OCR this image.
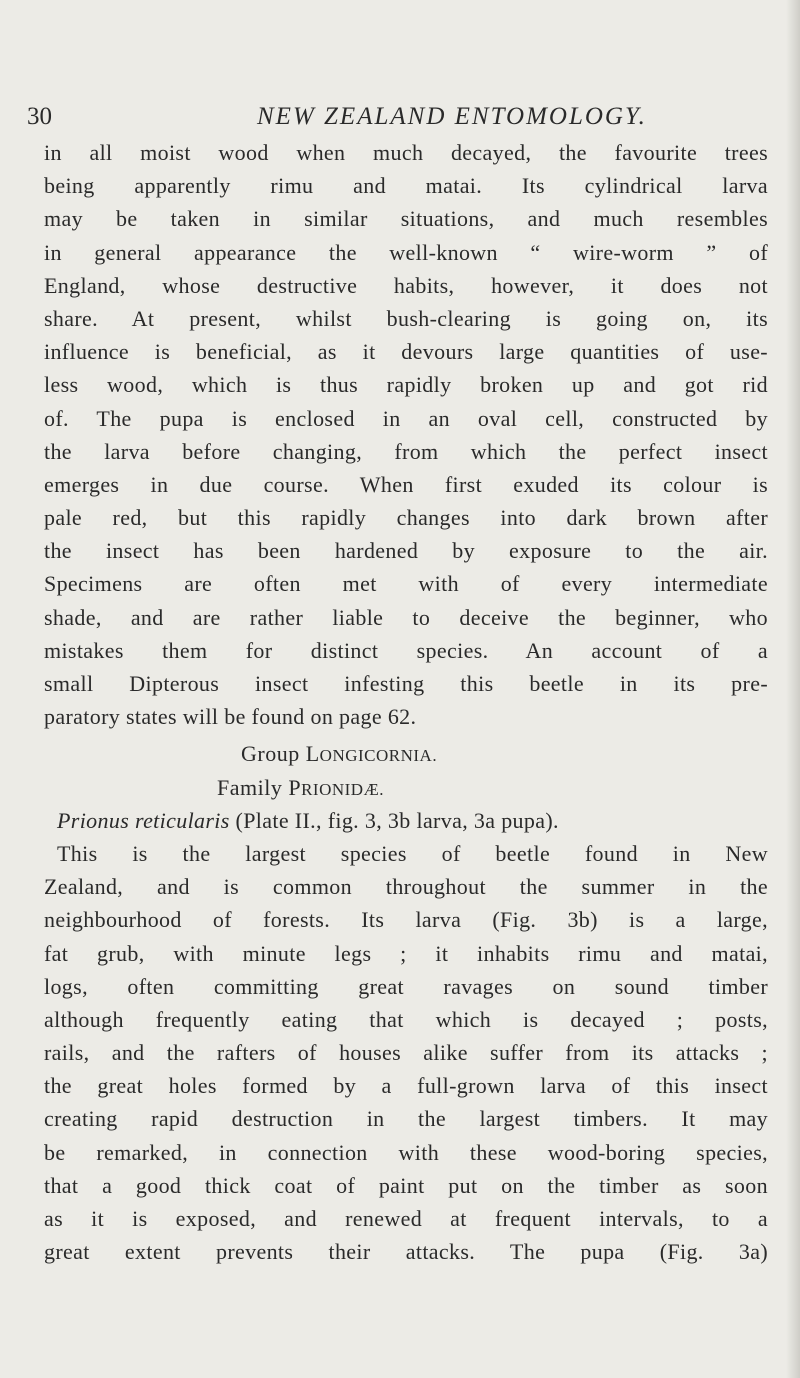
30	NEW ZEALAND ENTOMOLOGY.
in all moist wood when much decayed, the favourite trees
being apparently rimu and matai. Its cylindrical larva
may be taken in similar situations, and much resembles
in general appearance the well-known “ wire-worm ” of
England, whose destructive habits, however, it does not
share. At present, whilst bush-clearing is going on, its
influence is beneficial, as it devours large quantities of use-
less wood, which is thus rapidly broken up and got rid
of. The pupa is enclosed in an oval cell, constructed by
the larva before changing, from which the perfect insect
emerges in due course. When first exuded its colour is
pale red, but this rapidly changes into dark brown after
the insect has been hardened by exposure to the air.
Specimens are often met with of every intermediate
shade, and are rather liable to deceive the beginner, who
mistakes them for distinct species. An account of a
small Dipterous insect infesting this beetle in its pre-
paratory states will be found on page 62.
Group LONGICORNIA.
Family PRIONIDÆ.
Prionus reticularis (Plate II., fig. 3, 3b larva, 3a pupa).
This is the largest species of beetle found in New
Zealand, and is common throughout the summer in the
neighbourhood of forests. Its larva (Fig. 3b) is a large,
fat grub, with minute legs ; it inhabits rimu and matai,
logs, often committing great ravages on sound timber
although frequently eating that which is decayed ; posts,
rails, and the rafters of houses alike suffer from its attacks ;
the great holes formed by a full-grown larva of this insect
creating rapid destruction in the largest timbers. It may
be remarked, in connection with these wood-boring species,
that a good thick coat of paint put on the timber as soon
as it is exposed, and renewed at frequent intervals, to a
great extent prevents their attacks. The pupa (Fig. 3a)
